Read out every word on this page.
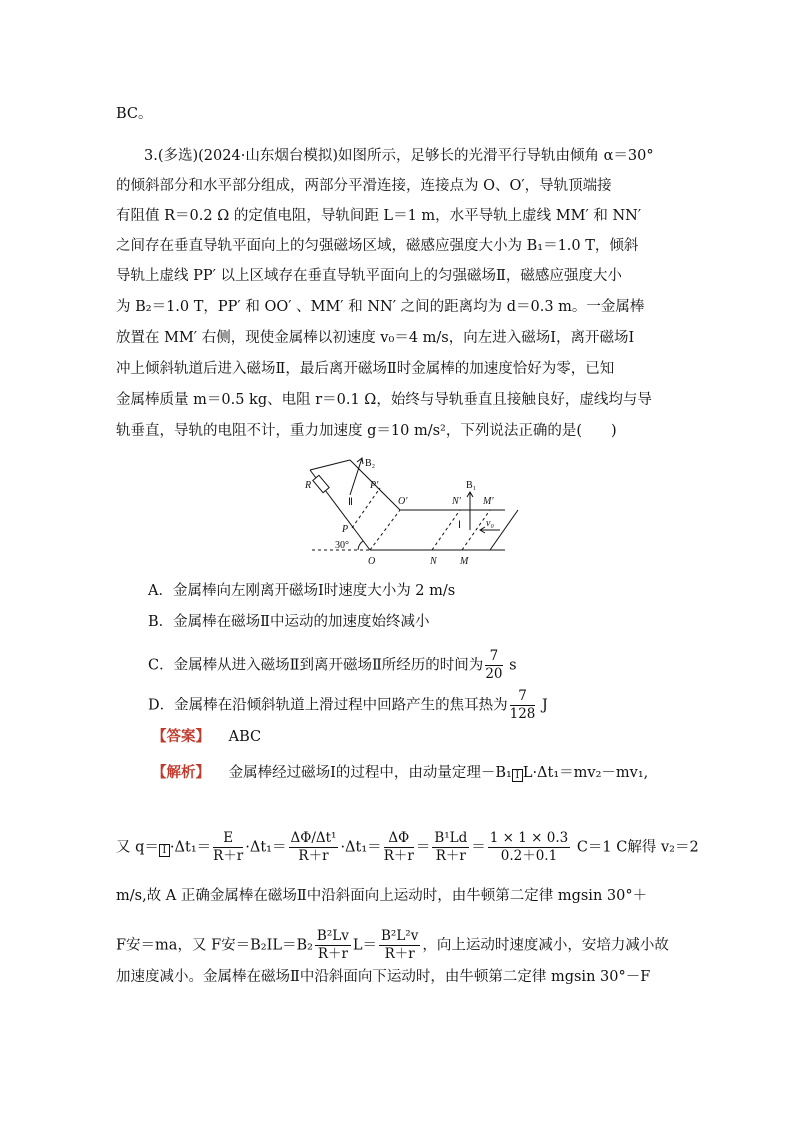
BC。
3.(多选)(2024·山东烟台模拟)如图所示，足够长的光滑平行导轨由倾角 α＝30°
的倾斜部分和水平部分组成，两部分平滑连接，连接点为 O、O′，导轨顶端接
有阻值 R＝0.2 Ω 的定值电阻，导轨间距 L＝1 m，水平导轨上虚线 MM′ 和 NN′
之间存在垂直导轨平面向上的匀强磁场区域，磁感应强度大小为 B₁＝1.0 T，倾斜
导轨上虚线 PP′ 以上区域存在垂直导轨平面向上的匀强磁场Ⅱ，磁感应强度大小
为 B₂＝1.0 T，PP′ 和 OO′ 、MM′ 和 NN′ 之间的距离均为 d＝0.3 m。一金属棒
放置在 MM′ 右侧，现使金属棒以初速度 v₀＝4 m/s，向左进入磁场Ⅰ，离开磁场Ⅰ
冲上倾斜轨道后进入磁场Ⅱ，最后离开磁场Ⅱ时金属棒的加速度恰好为零，已知
金属棒质量 m＝0.5 kg、电阻 r＝0.1 Ω，始终与导轨垂直且接触良好，虚线均与导
轨垂直，导轨的电阻不计，重力加速度 g＝10 m/s²，下列说法正确的是(　　)
B₂
R
Ⅱ
P′
O′	N′ M′
B₁
Ⅰ	v₀
P
30°
O	N M
A．金属棒向左刚离开磁场Ⅰ时速度大小为 2 m/s
B．金属棒在磁场Ⅱ中运动的加速度始终减小
C．金属棒从进入磁场Ⅱ到离开磁场Ⅱ所经历的时间为 $\frac{7}{20}$ s
D．金属棒在沿倾斜轨道上滑过程中回路产生的焦耳热为 $\frac{7}{128}$ J
【答案】 ABC
【解析】 金属棒经过磁场Ⅰ的过程中，由动量定理－B₁ I L·Δt₁＝mv₂－mv₁,
又 $q= I \cdot\Delta t_1= \frac{E}{R+r} \cdot\Delta t_1= \frac{\text{ΔΦ/Δt¹}}{R+r} \cdot\Delta t_1= \frac{\Delta\Phi}{R+r} = \frac{\text{B¹Ld}}{R+r} = \frac{1 \times 1 \times 0.3}{0.2+0.1} C=1$ C解得 v₂＝2
m/s,故 A 正确金属棒在磁场Ⅱ中沿斜面向上运动时，由牛顿第二定律 mgsin 30°＋
F安＝ma，又 F安$=B_2IL=B_2 \frac{\text{B²Lv}}{R+r} L= \frac{\text{B²L²v}}{R+r}$ ，向上运动时速度减小，安培力减小故
加速度减小。金属棒在磁场Ⅱ中沿斜面向下运动时，由牛顿第二定律 mgsin 30°－F
